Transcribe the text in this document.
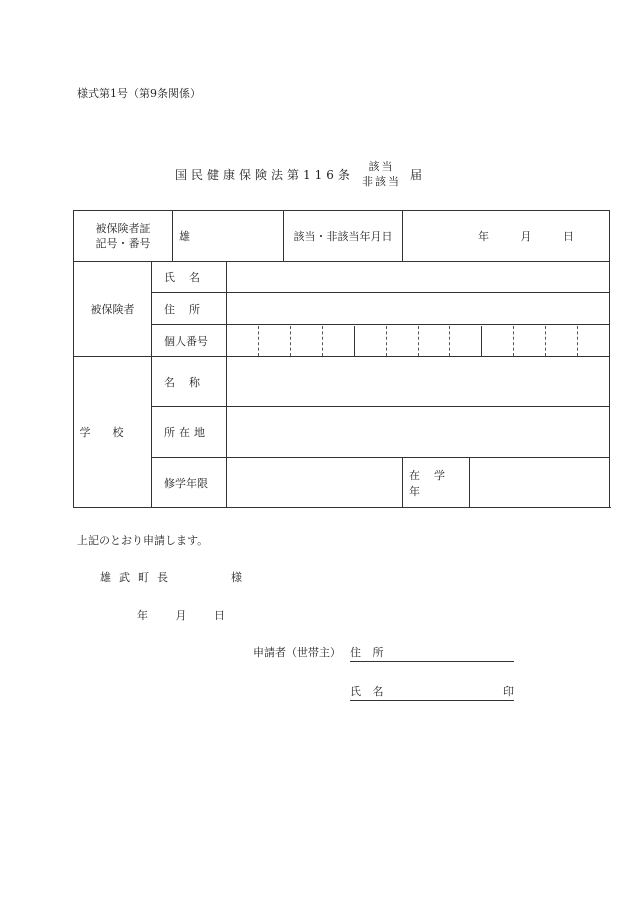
様式第1号（第9条関係）
国民健康保険法第116条
該当
非該当 届
被保険者証
記号・番号		雄		該当・非該当年月日	年 月 日	
被保険者	氏名					
	住所					
	個人番号					

学校	名称					
	所在地					
	修学年限				在学年	
上記のとおり申請します。
雄武町長	様
年	月	日
申請者（世帯主） 住 所
氏 名	印
